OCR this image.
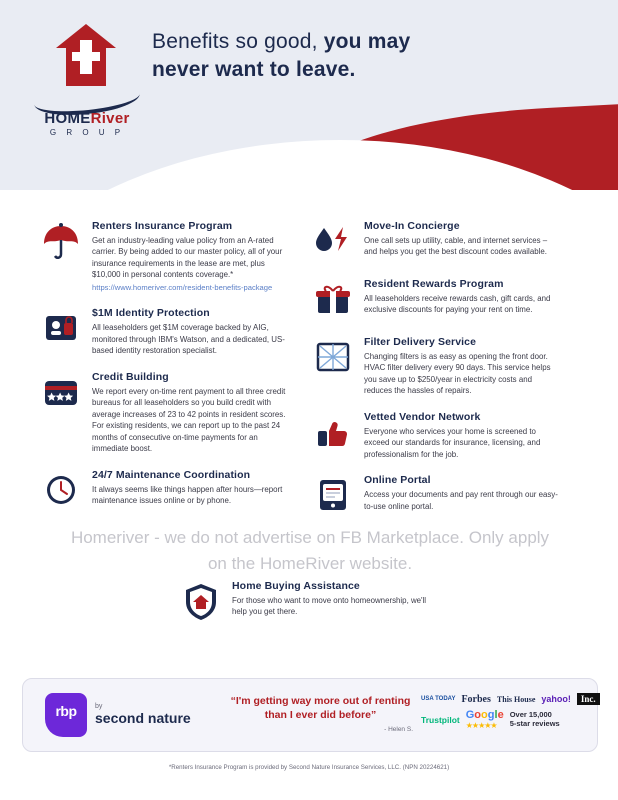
HOMERiver
G R O U P
Benefits so good, you may
never want to leave.
Renters Insurance Program

Get an industry-leading value policy from an A-rated carrier. By being added to our master policy, all of your insurance requirements in the lease are met, plus $10,000 in personal contents coverage.*

https://www.homeriver.com/resident-benefits-package
$1M Identity Protection

All leaseholders get $1M coverage backed by AIG, monitored through IBM's Watson, and a dedicated, US-based identity restoration specialist.

Credit Building

We report every on-time rent payment to all three credit bureaus for all leaseholders so you build credit with average increases of 23 to 42 points in resident scores. For existing residents, we can report up to the past 24 months of consecutive on-time payments for an immediate boost.

24/7 Maintenance Coordination

It always seems like things happen after hours—report maintenance issues online or by phone.

Move-In Concierge

One call sets up utility, cable, and internet services – and helps you get the best discount codes available.

Resident Rewards Program

All leaseholders receive rewards cash, gift cards, and exclusive discounts for paying your rent on time.

Filter Delivery Service

Changing filters is as easy as opening the front door. HVAC filter delivery every 90 days. This service helps you save up to $250/year in electricity costs and reduces the hassles of repairs.

Vetted Vendor Network

Everyone who services your home is screened to exceed our standards for insurance, licensing, and professionalism for the job.

Online Portal

Access your documents and pay rent through our easy-to-use online portal.

Home Buying Assistance

For those who want to move onto homeownership, we'll help you get there.

Homeriver - we do not advertise on FB Marketplace. Only apply on the HomeRiver website.
rbp	by
second nature
“I'm getting way more out of renting than I ever did before”
- Helen S.
USA TODAY Forbes This House yahoo!	Inc.
Trustpilot Google
★★★★★
Over 15,000
5-star reviews
*Renters Insurance Program is provided by Second Nature Insurance Services, LLC. (NPN 20224621)
